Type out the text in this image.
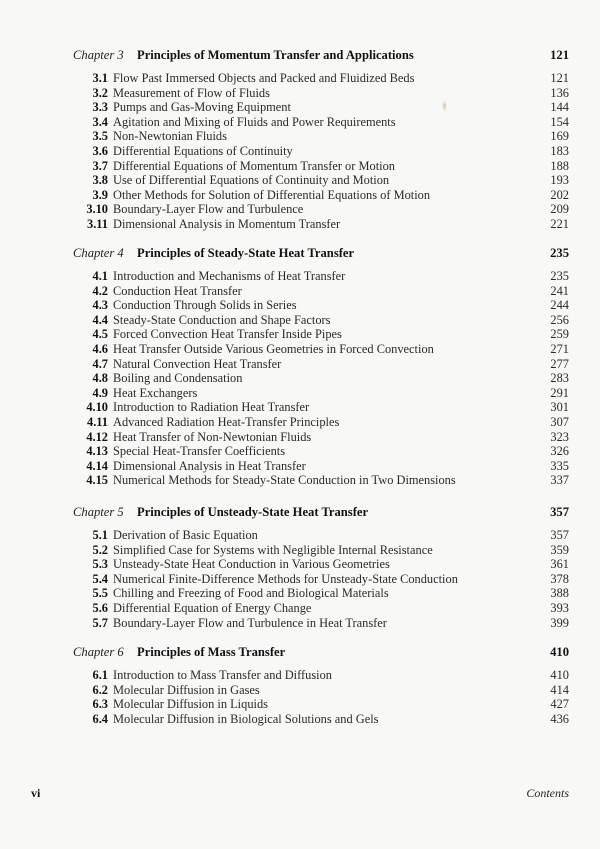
Chapter 3 Principles of Momentum Transfer and Applications	121
3.1 Flow Past Immersed Objects and Packed and Fluidized Beds	121
3.2 Measurement of Flow of Fluids	136
3.3 Pumps and Gas-Moving Equipment	144
3.4 Agitation and Mixing of Fluids and Power Requirements	154
3.5 Non-Newtonian Fluids	169
3.6 Differential Equations of Continuity	183
3.7 Differential Equations of Momentum Transfer or Motion	188
3.8 Use of Differential Equations of Continuity and Motion	193
3.9 Other Methods for Solution of Differential Equations of Motion	202
3.10 Boundary-Layer Flow and Turbulence	209
3.11 Dimensional Analysis in Momentum Transfer	221
Chapter 4 Principles of Steady-State Heat Transfer	235
4.1 Introduction and Mechanisms of Heat Transfer	235
4.2 Conduction Heat Transfer	241
4.3 Conduction Through Solids in Series	244
4.4 Steady-State Conduction and Shape Factors	256
4.5 Forced Convection Heat Transfer Inside Pipes	259
4.6 Heat Transfer Outside Various Geometries in Forced Convection	271
4.7 Natural Convection Heat Transfer	277
4.8 Boiling and Condensation	283
4.9 Heat Exchangers	291
4.10 Introduction to Radiation Heat Transfer	301
4.11 Advanced Radiation Heat-Transfer Principles	307
4.12 Heat Transfer of Non-Newtonian Fluids	323
4.13 Special Heat-Transfer Coefficients	326
4.14 Dimensional Analysis in Heat Transfer	335
4.15 Numerical Methods for Steady-State Conduction in Two Dimensions	337
Chapter 5 Principles of Unsteady-State Heat Transfer	357
5.1 Derivation of Basic Equation	357
5.2 Simplified Case for Systems with Negligible Internal Resistance	359
5.3 Unsteady-State Heat Conduction in Various Geometries	361
5.4 Numerical Finite-Difference Methods for Unsteady-State Conduction	378
5.5 Chilling and Freezing of Food and Biological Materials	388
5.6 Differential Equation of Energy Change	393
5.7 Boundary-Layer Flow and Turbulence in Heat Transfer	399
Chapter 6 Principles of Mass Transfer	410
6.1 Introduction to Mass Transfer and Diffusion	410
6.2 Molecular Diffusion in Gases	414
6.3 Molecular Diffusion in Liquids	427
6.4 Molecular Diffusion in Biological Solutions and Gels	436
vi	Contents
